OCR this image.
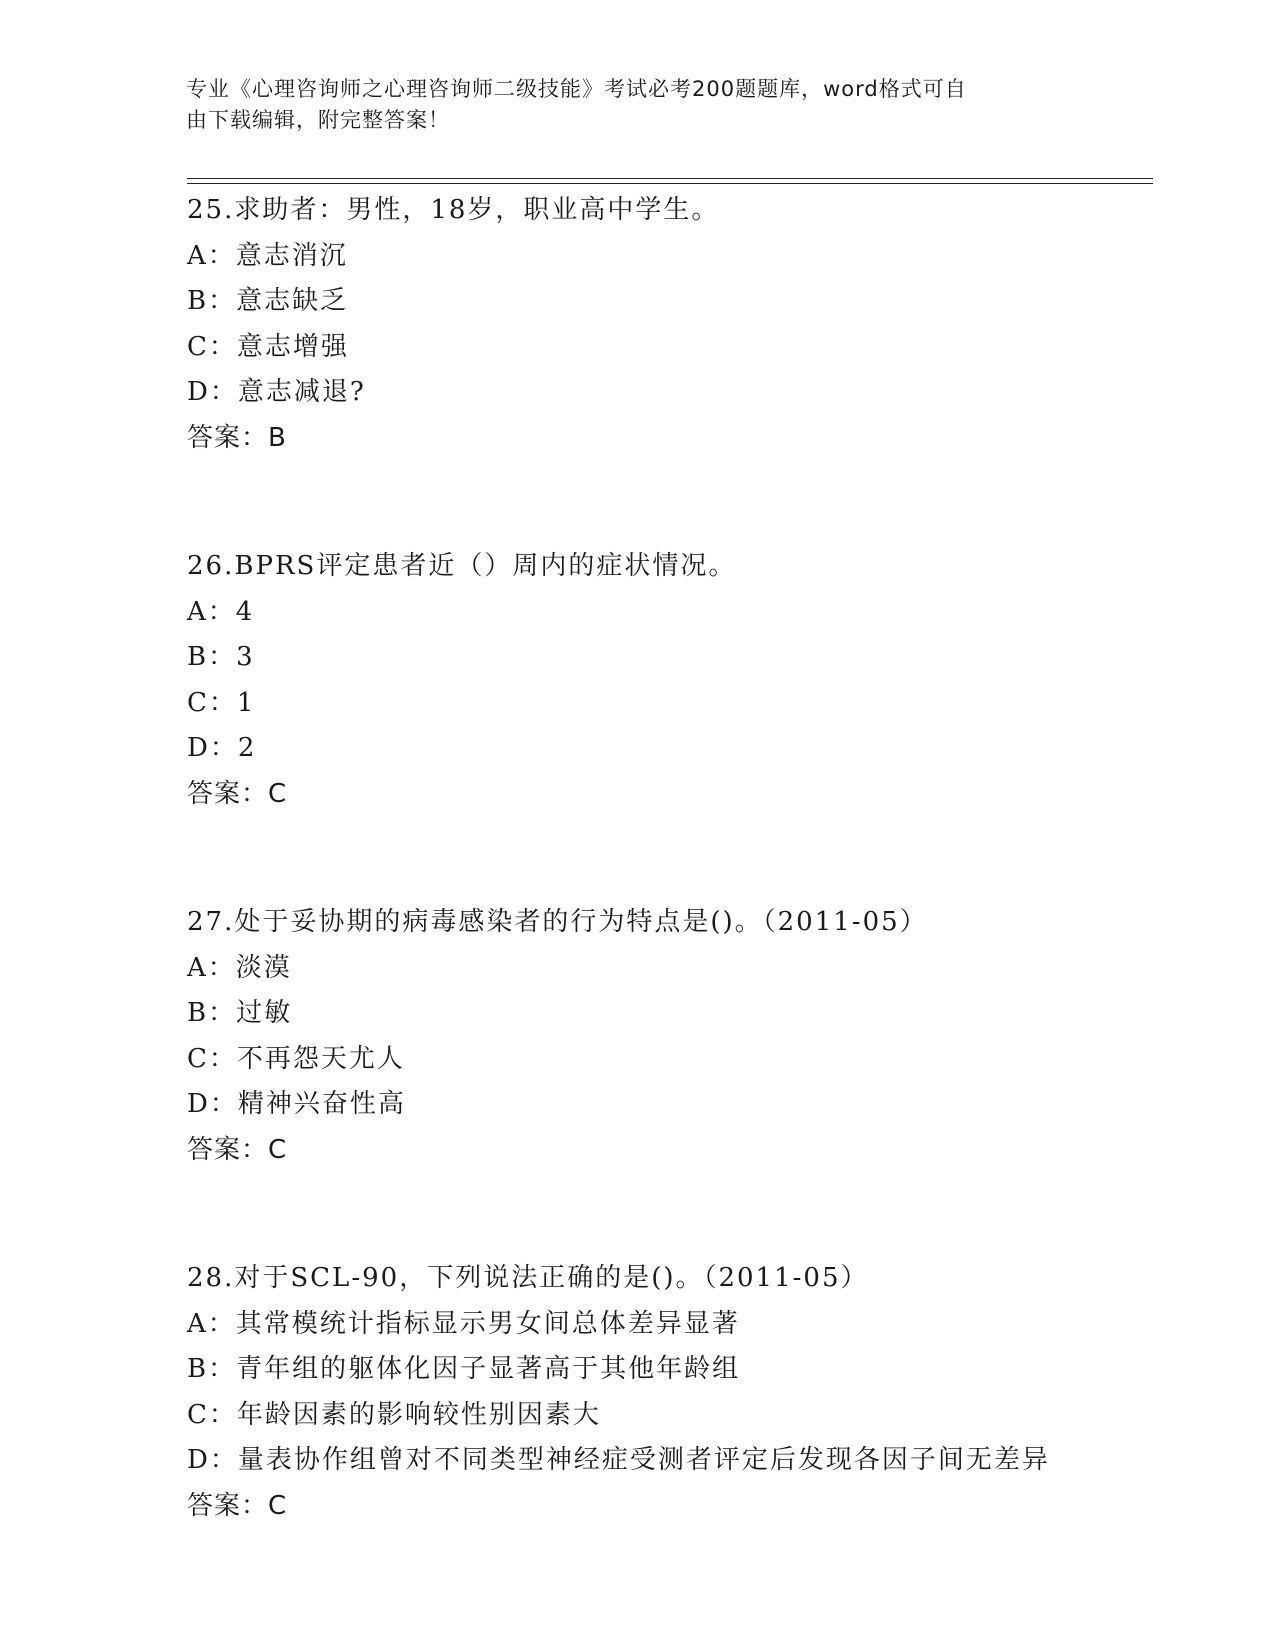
专业《心理咨询师之心理咨询师二级技能》考试必考200题题库，word格式可自
由下载编辑，附完整答案！
25.求助者：男性，18岁，职业高中学生。
A：意志消沉
B：意志缺乏
C：意志增强
D：意志减退?
答案：B
26.BPRS评定患者近（）周内的症状情况。
A：4
B：3
C：1
D：2
答案：C
27.处于妥协期的病毒感染者的行为特点是()。（2011-05）
A：淡漠
B：过敏
C：不再怨天尤人
D：精神兴奋性高
答案：C
28.对于SCL-90，下列说法正确的是()。（2011-05）
A：其常模统计指标显示男女间总体差异显著
B：青年组的躯体化因子显著高于其他年龄组
C：年龄因素的影响较性别因素大
D：量表协作组曾对不同类型神经症受测者评定后发现各因子间无差异
答案：C
